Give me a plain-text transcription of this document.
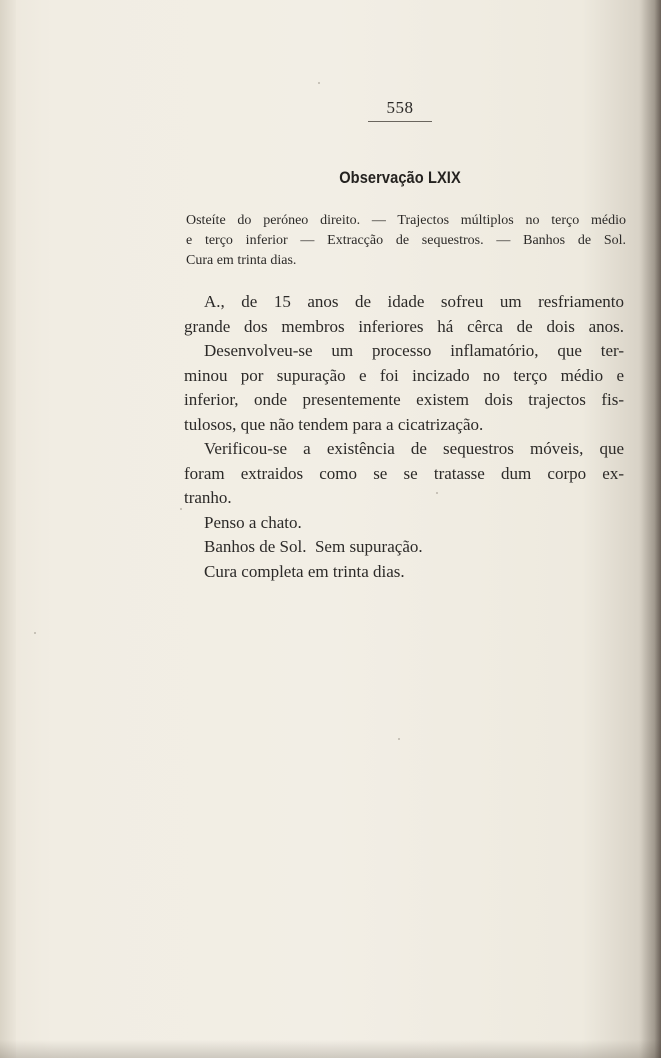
558
Observação LXIX
Osteíte do perónеo direito. — Trajectos múltiplos no terço médio
e terço inferior — Extracção de sequestros. — Banhos de Sol.
Cura em trinta dias.
A., de 15 anos de idade sofreu um resfriamento
grande dos membros inferiores há cêrca de dois anos.
Desenvolveu-se um processo inflamatório, que ter-
minou por supuração e foi incizado no terço médio e
inferior, onde presentemente existem dois trajectos fis-
tulosos, que não tendem para a cicatrização.
Verificou-se a existência de sequestros móveis, que
foram extraidos como se se tratasse dum corpo ex-
tranho.
Penso a chato.
Banhos de Sol.  Sem supuração.
Cura completa em trinta dias.
